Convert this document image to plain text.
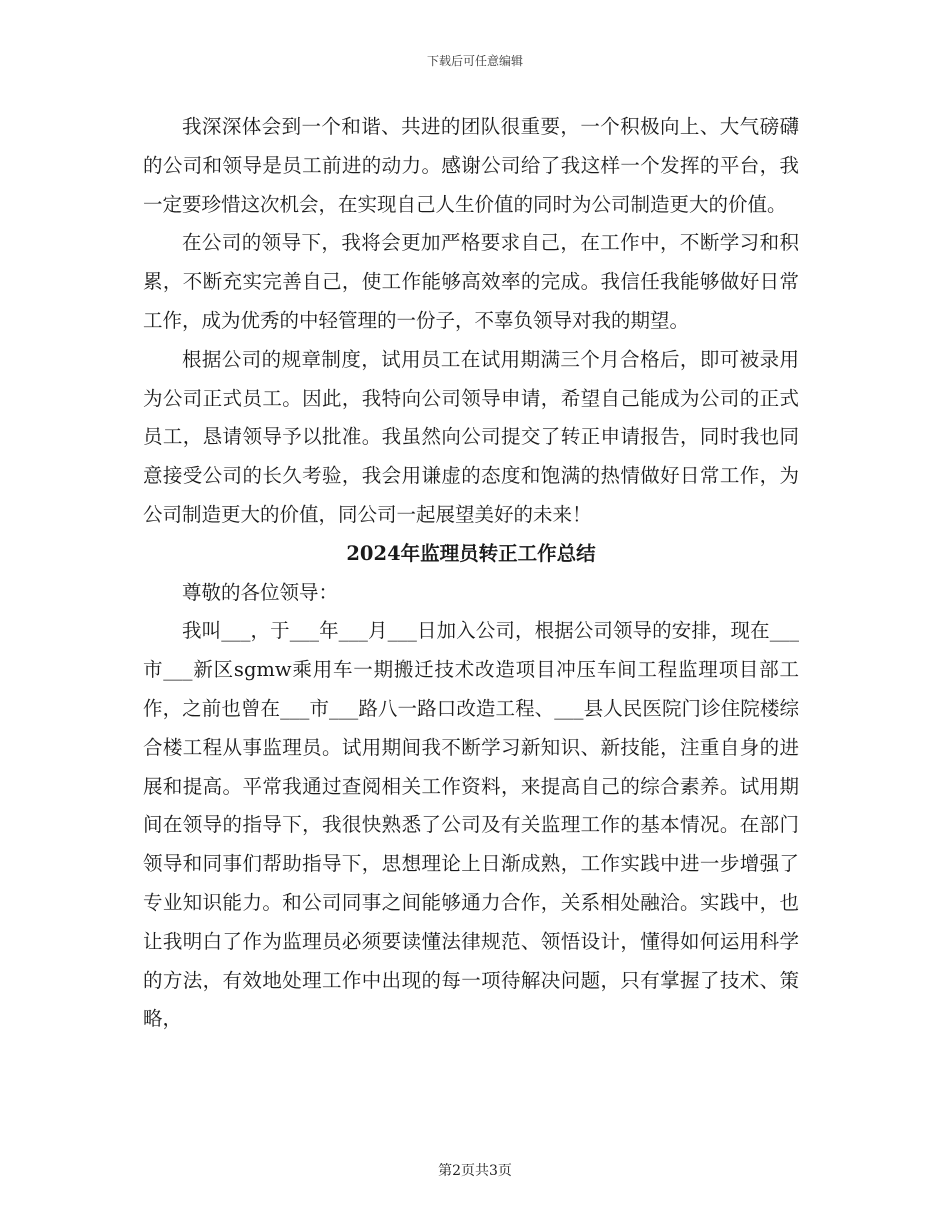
下载后可任意编辑

我深深体会到一个和谐、共进的团队很重要，一个积极向上、大气磅礴的公司和领导是员工前进的动力。感谢公司给了我这样一个发挥的平台，我一定要珍惜这次机会，在实现自己人生价值的同时为公司制造更大的价值。

在公司的领导下，我将会更加严格要求自己，在工作中，不断学习和积累，不断充实完善自己，使工作能够高效率的完成。我信任我能够做好日常工作，成为优秀的中轻管理的一份子，不辜负领导对我的期望。

根据公司的规章制度，试用员工在试用期满三个月合格后，即可被录用为公司正式员工。因此，我特向公司领导申请，希望自己能成为公司的正式员工，恳请领导予以批准。我虽然向公司提交了转正申请报告，同时我也同意接受公司的长久考验，我会用谦虚的态度和饱满的热情做好日常工作，为公司制造更大的价值，同公司一起展望美好的未来！

2024年监理员转正工作总结

尊敬的各位领导：

我叫___，于___年___月___日加入公司，根据公司领导的安排，现在___市___新区sgmw乘用车一期搬迁技术改造项目冲压车间工程监理项目部工作，之前也曾在___市___路八一路口改造工程、___县人民医院门诊住院楼综合楼工程从事监理员。试用期间我不断学习新知识、新技能，注重自身的进展和提高。平常我通过查阅相关工作资料，来提高自己的综合素养。试用期间在领导的指导下，我很快熟悉了公司及有关监理工作的基本情况。在部门领导和同事们帮助指导下，思想理论上日渐成熟，工作实践中进一步增强了专业知识能力。和公司同事之间能够通力合作，关系相处融洽。实践中，也让我明白了作为监理员必须要读懂法律规范、领悟设计，懂得如何运用科学的方法，有效地处理工作中出现的每一项待解决问题，只有掌握了技术、策略，

第2页共3页
